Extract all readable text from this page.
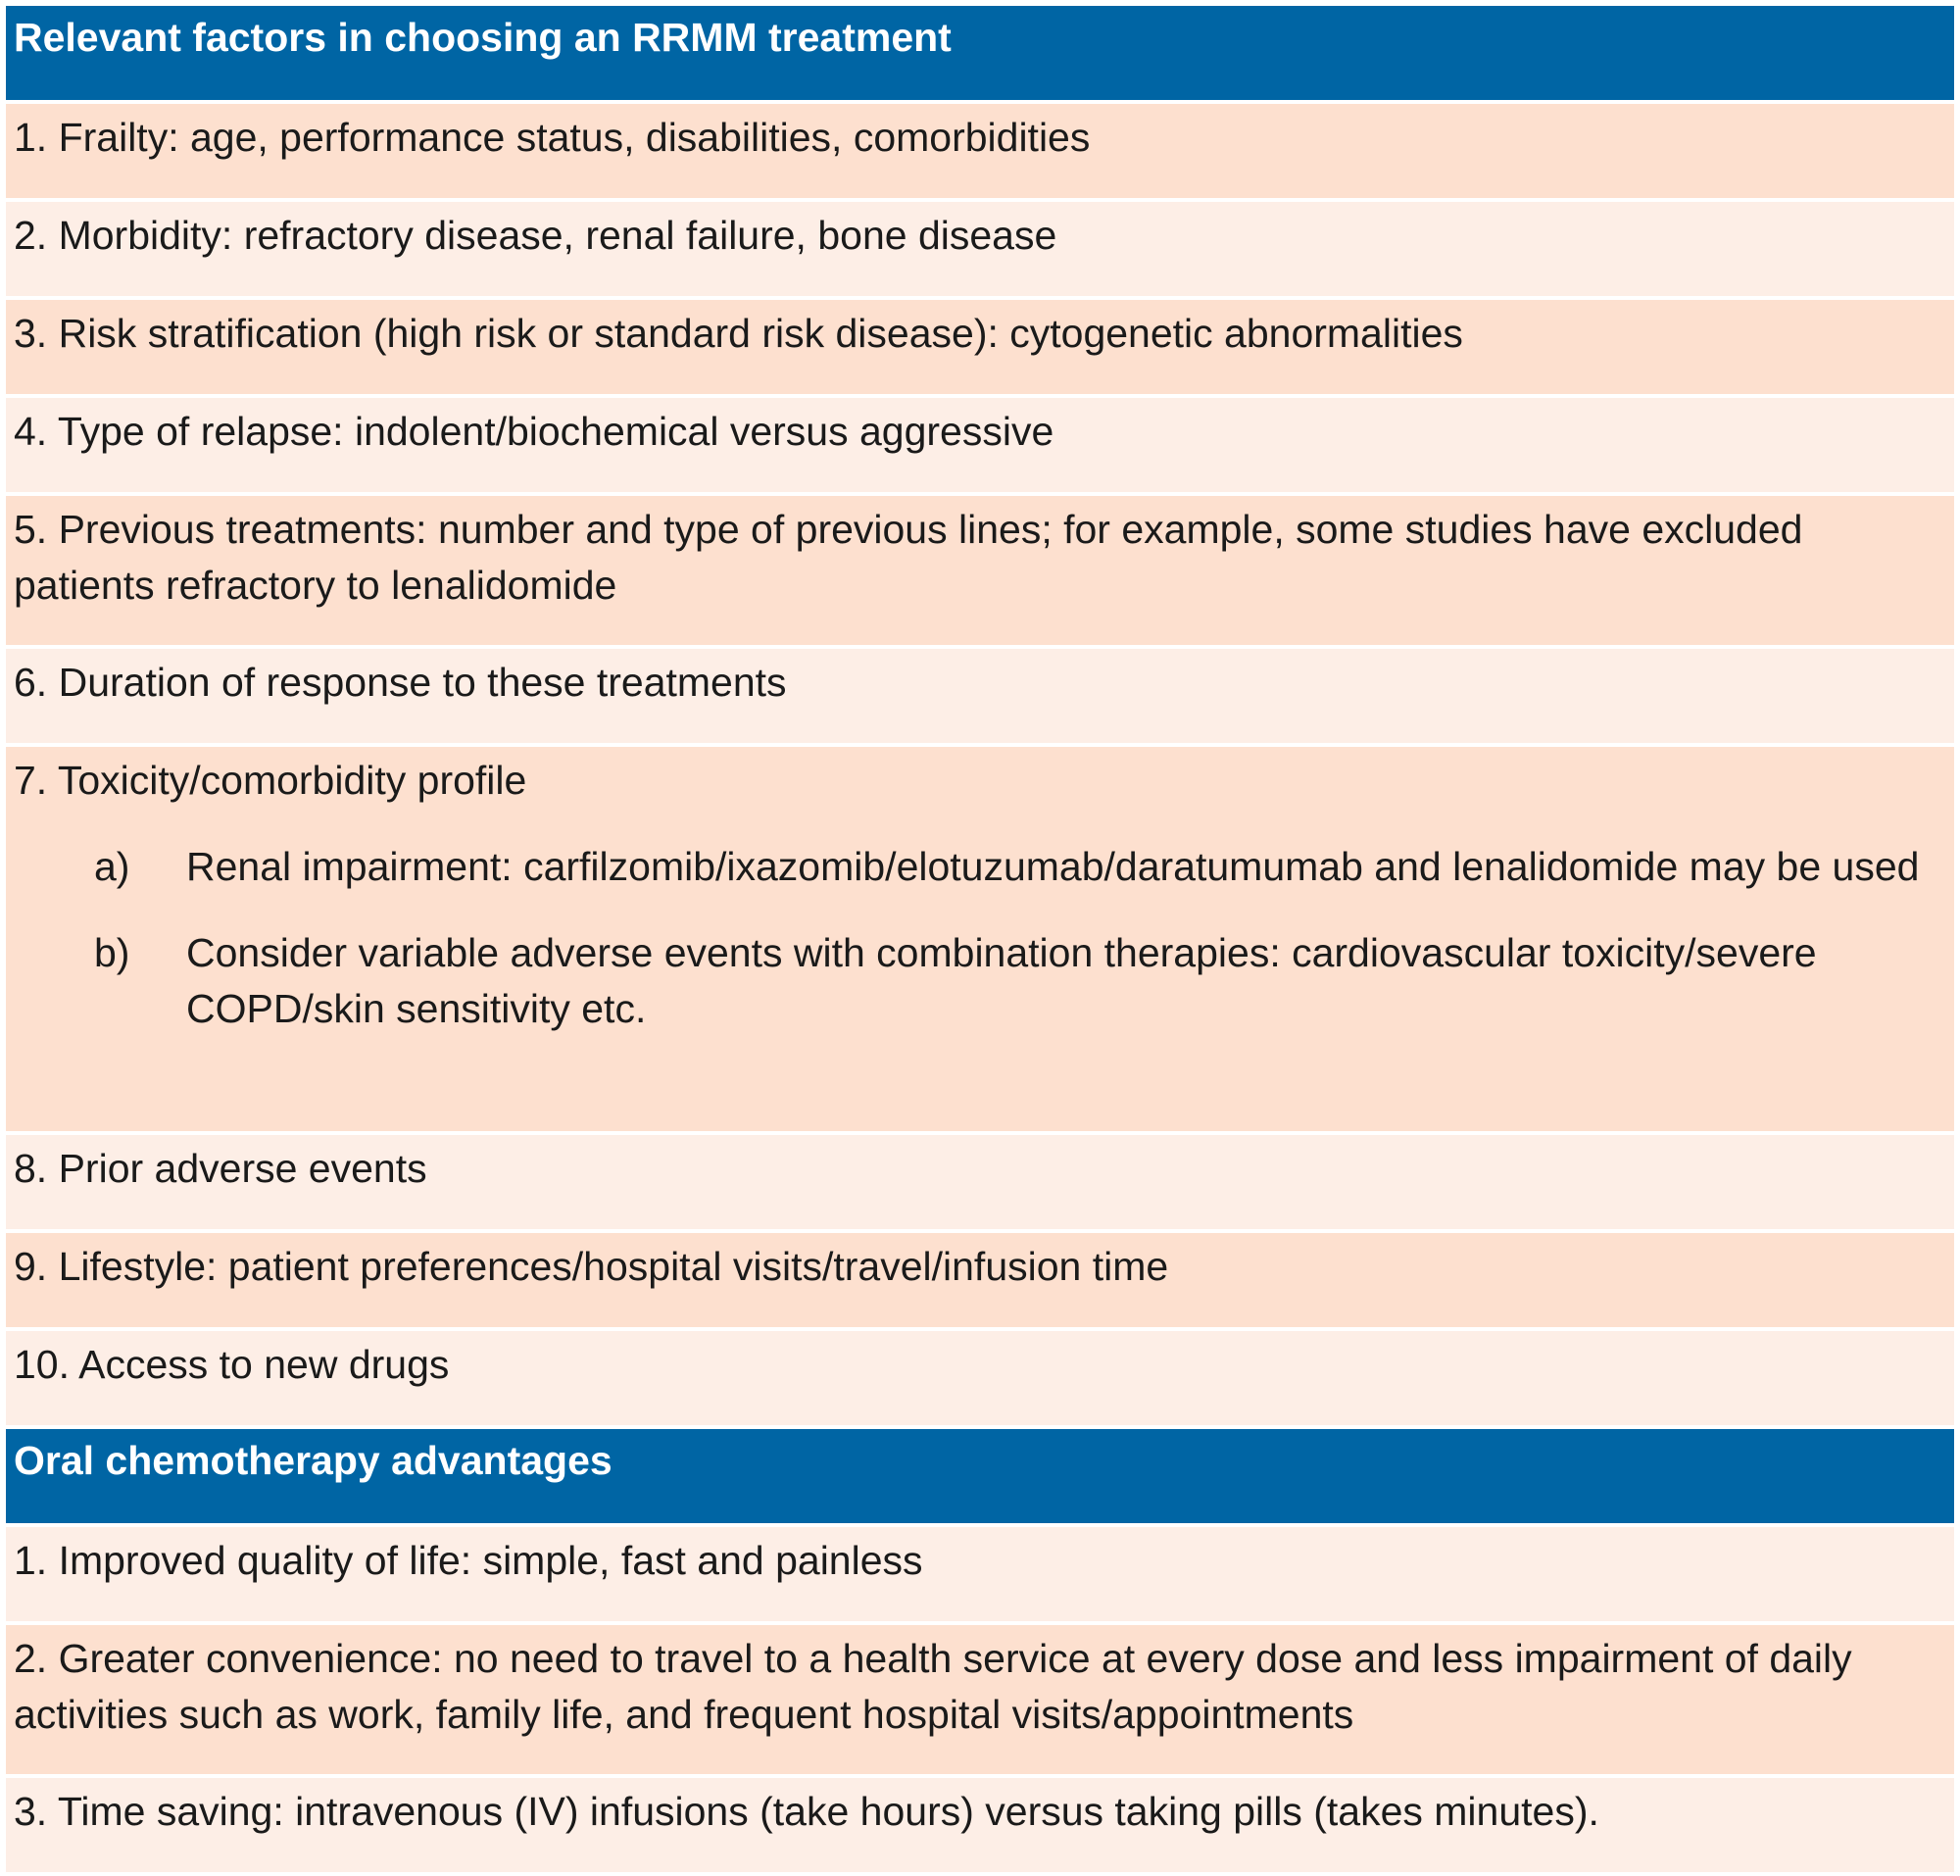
Relevant factors in choosing an RRMM treatment
1. Frailty: age, performance status, disabilities, comorbidities
2. Morbidity: refractory disease, renal failure, bone disease
3. Risk stratification (high risk or standard risk disease): cytogenetic abnormalities
4. Type of relapse: indolent/biochemical versus aggressive
5. Previous treatments: number and type of previous lines; for example, some studies have excluded patients refractory to lenalidomide
6. Duration of response to these treatments
7. Toxicity/comorbidity profile
a)	Renal impairment: carfilzomib/ixazomib/elotuzumab/daratumumab and lenalidomide may be used
b)	Consider variable adverse events with combination therapies: cardiovascular toxicity/severe COPD/skin sensitivity etc.
8. Prior adverse events
9. Lifestyle: patient preferences/hospital visits/travel/infusion time
10. Access to new drugs
Oral chemotherapy advantages
1. Improved quality of life: simple, fast and painless
2. Greater convenience: no need to travel to a health service at every dose and less impairment of daily activities such as work, family life, and frequent hospital visits/appointments
3. Time saving: intravenous (IV) infusions (take hours) versus taking pills (takes minutes).
